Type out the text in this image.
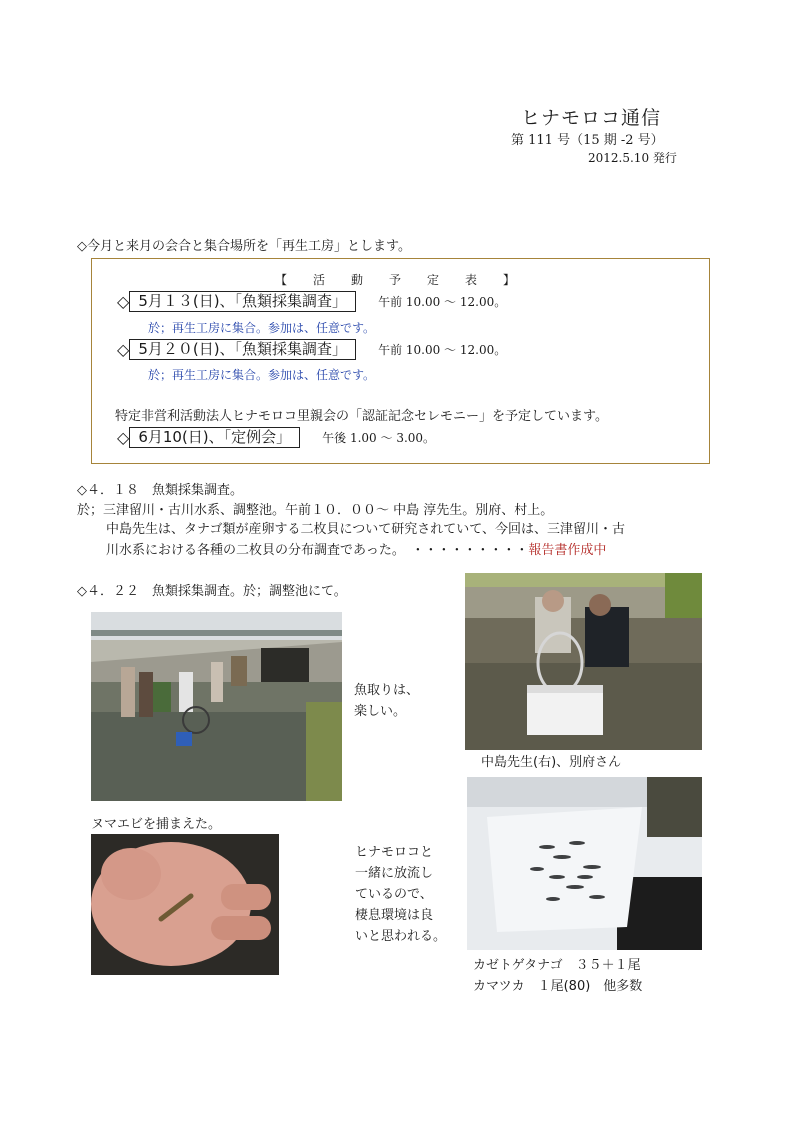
ヒナモロコ通信
第 111 号（15 期 -2 号）
2012.5.10 発行
◇今月と来月の会合と集合場所を「再生工房」とします。
【　活　動　予　定　表　】
◇ 5月１３(日)、「魚類採集調査」	午前 10.00 ～ 12.00。
於；再生工房に集合。参加は、任意です。
◇ 5月２０(日)、「魚類採集調査」	午前 10.00 ～ 12.00。
於；再生工房に集合。参加は、任意です。
特定非営利活動法人ヒナモロコ里親会の「認証記念セレモニー」を予定しています。
◇ 6月10(日)、「定例会」	午後 1.00 ～ 3.00。
◇４．１８　魚類採集調査。
於；三津留川・古川水系、調整池。午前１０．００～ 中島 淳先生。別府、村上。
中島先生は、タナゴ類が産卵する二枚貝について研究されていて、今回は、三津留川・古
川水系における各種の二枚貝の分布調査であった。　・・・・・・・・・報告書作成中
◇４．２２　魚類採集調査。於；調整池にて。
魚取りは、
楽しい。
中島先生(右)、別府さん
ヌマエビを捕まえた。
ヒナモロコと
一緒に放流し
ているので、
棲息環境は良
いと思われる。
カゼトゲタナゴ　３５＋１尾
カマツカ　１尾(80)　他多数
